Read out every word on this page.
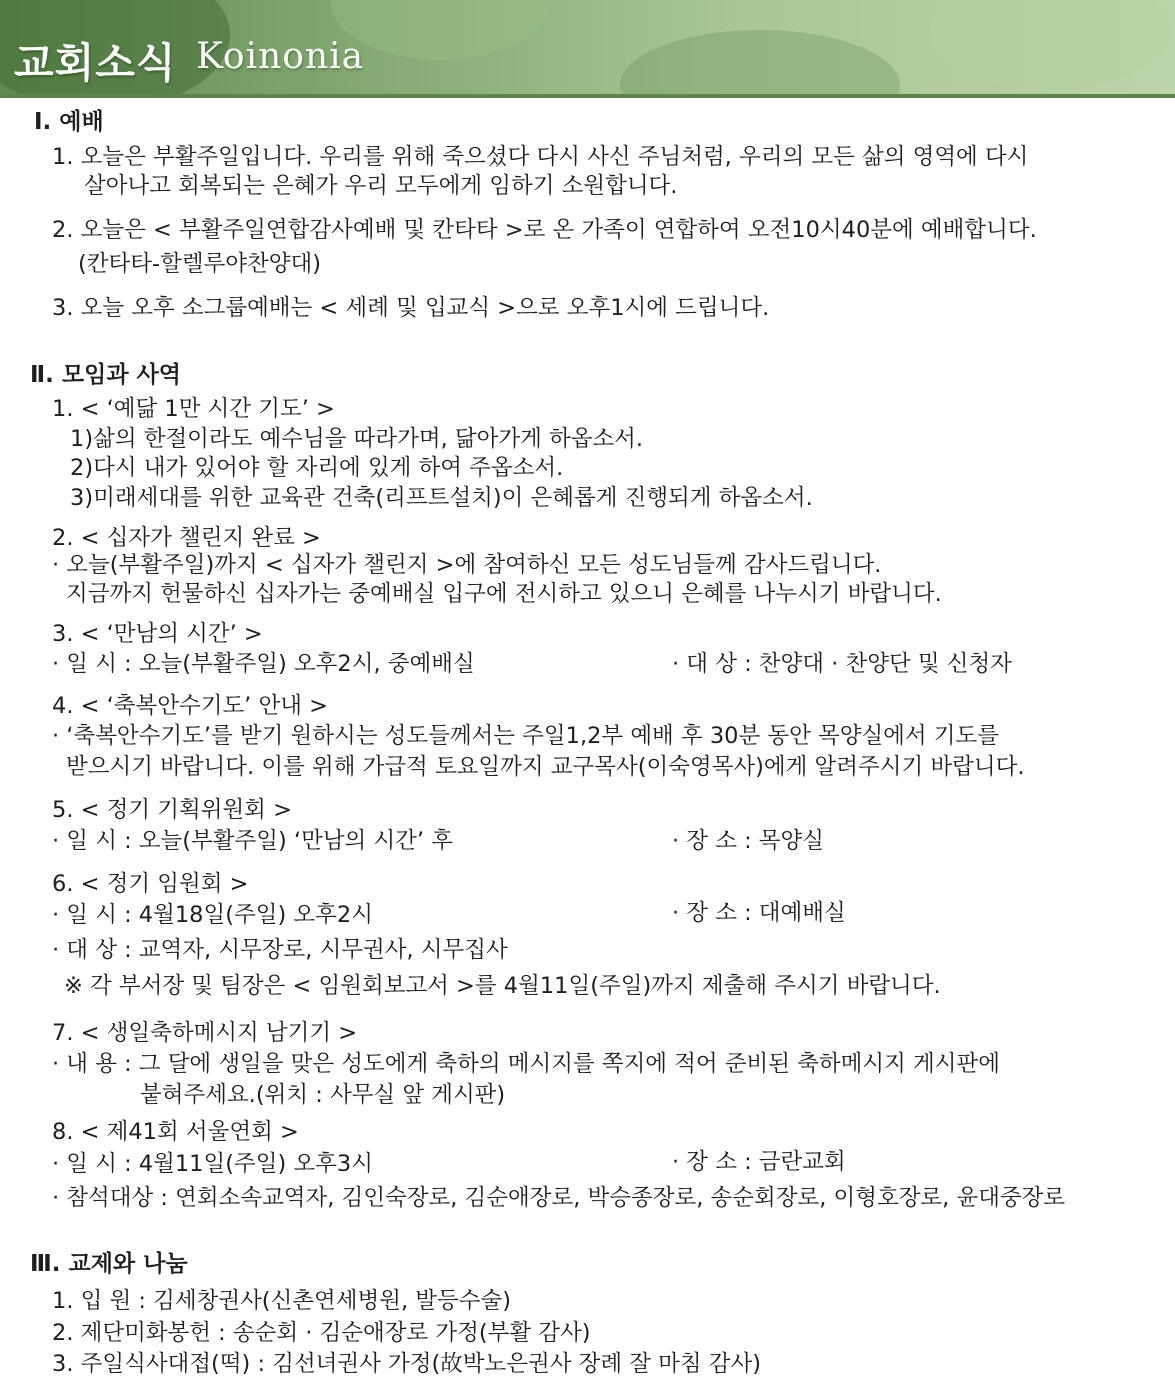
교회소식 Koinonia
Ⅰ. 예배
1. 오늘은 부활주일입니다. 우리를 위해 죽으셨다 다시 사신 주님처럼, 우리의 모든 삶의 영역에 다시
살아나고 회복되는 은혜가 우리 모두에게 임하기 소원합니다.
2. 오늘은 < 부활주일연합감사예배 및 칸타타 >로 온 가족이 연합하여 오전10시40분에 예배합니다.
(칸타타-할렐루야찬양대)
3. 오늘 오후 소그룹예배는 < 세례 및 입교식 >으로 오후1시에 드립니다.
Ⅱ. 모임과 사역
1. < ‘예닮 1만 시간 기도’ >
1)삶의 한절이라도 예수님을 따라가며, 닮아가게 하옵소서.
2)다시 내가 있어야 할 자리에 있게 하여 주옵소서.
3)미래세대를 위한 교육관 건축(리프트설치)이 은혜롭게 진행되게 하옵소서.
2. < 십자가 챌린지 완료 >
· 오늘(부활주일)까지 < 십자가 챌린지 >에 참여하신 모든 성도님들께 감사드립니다.
지금까지 헌물하신 십자가는 중예배실 입구에 전시하고 있으니 은혜를 나누시기 바랍니다.
3. < ‘만남의 시간’ >
· 일 시 : 오늘(부활주일) 오후2시, 중예배실	· 대 상 : 찬양대 · 찬양단 및 신청자
4. < ‘축복안수기도’ 안내 >
· ‘축복안수기도’를 받기 원하시는 성도들께서는 주일1,2부 예배 후 30분 동안 목양실에서 기도를
받으시기 바랍니다. 이를 위해 가급적 토요일까지 교구목사(이숙영목사)에게 알려주시기 바랍니다.
5. < 정기 기획위원회 >
· 일 시 : 오늘(부활주일) ‘만남의 시간’ 후	· 장 소 : 목양실
6. < 정기 임원회 >
· 일 시 : 4월18일(주일) 오후2시	· 장 소 : 대예배실
· 대 상 : 교역자, 시무장로, 시무권사, 시무집사
※ 각 부서장 및 팀장은 < 임원회보고서 >를 4월11일(주일)까지 제출해 주시기 바랍니다.
7. < 생일축하메시지 남기기 >
· 내 용 : 그 달에 생일을 맞은 성도에게 축하의 메시지를 쪽지에 적어 준비된 축하메시지 게시판에
붙혀주세요.(위치 : 사무실 앞 게시판)
8. < 제41회 서울연회 >
· 일 시 : 4월11일(주일) 오후3시	· 장 소 : 금란교회
· 참석대상 : 연회소속교역자, 김인숙장로, 김순애장로, 박승종장로, 송순회장로, 이형호장로, 윤대중장로
Ⅲ. 교제와 나눔
1. 입 원 : 김세창권사(신촌연세병원, 발등수술)
2. 제단미화봉헌 : 송순회 · 김순애장로 가정(부활 감사)
3. 주일식사대접(떡) : 김선녀권사 가정(故박노은권사 장례 잘 마침 감사)
